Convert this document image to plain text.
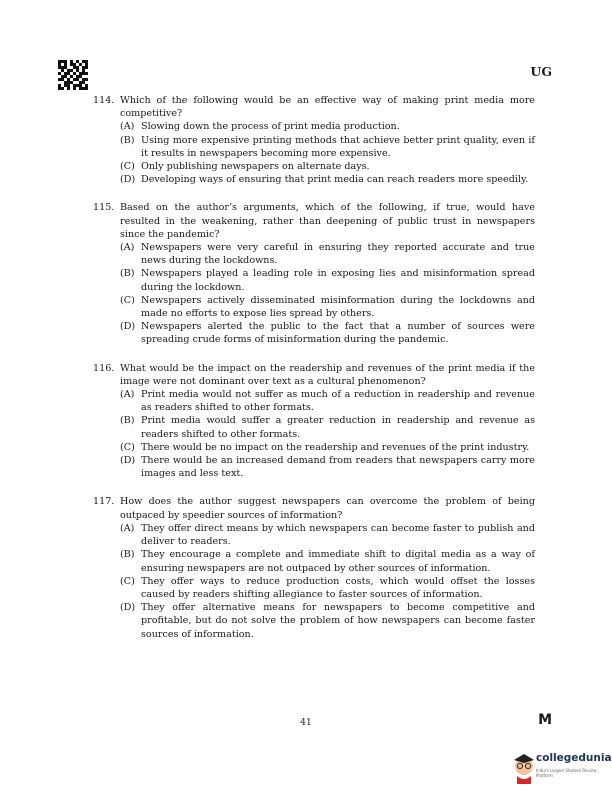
UG
114. Which of the following would be an effective way of making print media more competitive?
(A) Slowing down the process of print media production.
(B) Using more expensive printing methods that achieve better print quality, even if it results in newspapers becoming more expensive.
(C) Only publishing newspapers on alternate days.
(D) Developing ways of ensuring that print media can reach readers more speedily.
115. Based on the author’s arguments, which of the following, if true, would have resulted in the weakening, rather than deepening of public trust in newspapers since the pandemic?
(A) Newspapers were very careful in ensuring they reported accurate and true news during the lockdowns.
(B) Newspapers played a leading role in exposing lies and misinformation spread during the lockdown.
(C) Newspapers actively disseminated misinformation during the lockdowns and made no efforts to expose lies spread by others.
(D) Newspapers alerted the public to the fact that a number of sources were spreading crude forms of misinformation during the pandemic.
116. What would be the impact on the readership and revenues of the print media if the image were not dominant over text as a cultural phenomenon?
(A) Print media would not suffer as much of a reduction in readership and revenue as readers shifted to other formats.
(B) Print media would suffer a greater reduction in readership and revenue as readers shifted to other formats.
(C) There would be no impact on the readership and revenues of the print industry.
(D) There would be an increased demand from readers that newspapers carry more images and less text.
117. How does the author suggest newspapers can overcome the problem of being outpaced by speedier sources of information?
(A) They offer direct means by which newspapers can become faster to publish and deliver to readers.
(B) They encourage a complete and immediate shift to digital media as a way of ensuring newspapers are not outpaced by other sources of information.
(C) They offer ways to reduce production costs, which would offset the losses caused by readers shifting allegiance to faster sources of information.
(D) They offer alternative means for newspapers to become competitive and profitable, but do not solve the problem of how newspapers can become faster sources of information.
41	M
collegedunia
India's largest Student Review Platform
